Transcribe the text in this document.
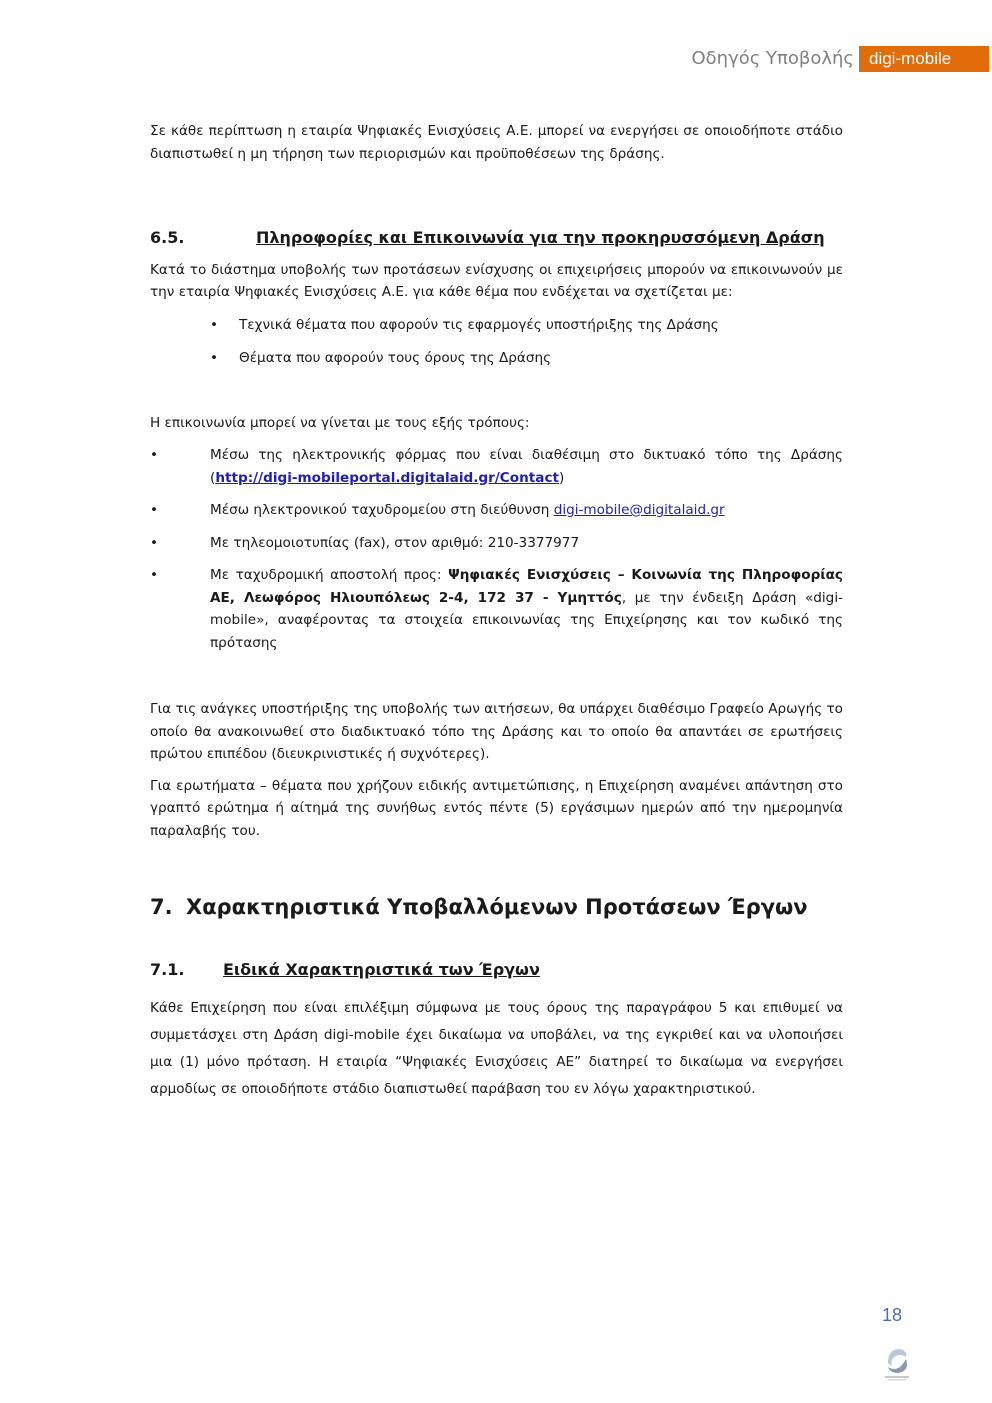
Οδηγός Υποβολής digi-mobile

Σε κάθε περίπτωση η εταιρία Ψηφιακές Ενισχύσεις Α.Ε. μπορεί να ενεργήσει σε οποιοδήποτε στάδιο διαπιστωθεί η μη τήρηση των περιορισμών και προϋποθέσεων της δράσης.

6.5.	Πληροφορίες και Επικοινωνία για την προκηρυσσόμενη Δράση

Κατά το διάστημα υποβολής των προτάσεων ενίσχυσης οι επιχειρήσεις μπορούν να επικοινωνούν με την εταιρία Ψηφιακές Ενισχύσεις Α.Ε. για κάθε θέμα που ενδέχεται να σχετίζεται με:

•	Τεχνικά θέματα που αφορούν τις εφαρμογές υποστήριξης της Δράσης
•	Θέματα που αφορούν τους όρους της Δράσης

Η επικοινωνία μπορεί να γίνεται με τους εξής τρόπους:

•	Μέσω της ηλεκτρονικής φόρμας που είναι διαθέσιμη στο δικτυακό τόπο της Δράσης (http://digi-mobileportal.digitalaid.gr/Contact)
•	Μέσω ηλεκτρονικού ταχυδρομείου στη διεύθυνση digi-mobile@digitalaid.gr
•	Με τηλεομοιοτυπίας (fax), στον αριθμό: 210-3377977
•	Με ταχυδρομική αποστολή προς: Ψηφιακές Ενισχύσεις – Κοινωνία της Πληροφορίας ΑΕ, Λεωφόρος Ηλιουπόλεως 2-4, 172 37 - Υμηττός, με την ένδειξη Δράση «digi-mobile», αναφέροντας τα στοιχεία επικοινωνίας της Επιχείρησης και τον κωδικό της πρότασης

Για τις ανάγκες υποστήριξης της υποβολής των αιτήσεων, θα υπάρχει διαθέσιμο Γραφείο Αρωγής το οποίο θα ανακοινωθεί στο διαδικτυακό τόπο της Δράσης και το οποίο θα απαντάει σε ερωτήσεις πρώτου επιπέδου (διευκρινιστικές ή συχνότερες).

Για ερωτήματα – θέματα που χρήζουν ειδικής αντιμετώπισης, η Επιχείρηση αναμένει απάντηση στο γραπτό ερώτημα ή αίτημά της συνήθως εντός πέντε (5) εργάσιμων ημερών από την ημερομηνία παραλαβής του.

7. Χαρακτηριστικά Υποβαλλόμενων Προτάσεων Έργων
7.1.	Ειδικά Χαρακτηριστικά των Έργων

Κάθε Επιχείρηση που είναι επιλέξιμη σύμφωνα με τους όρους της παραγράφου 5 και επιθυμεί να συμμετάσχει στη Δράση digi-mobile έχει δικαίωμα να υποβάλει, να της εγκριθεί και να υλοποιήσει μια (1) μόνο πρόταση. Η εταιρία “Ψηφιακές Ενισχύσεις ΑΕ” διατηρεί το δικαίωμα να ενεργήσει αρμοδίως σε οποιοδήποτε στάδιο διαπιστωθεί παράβαση του εν λόγω χαρακτηριστικού.

18
